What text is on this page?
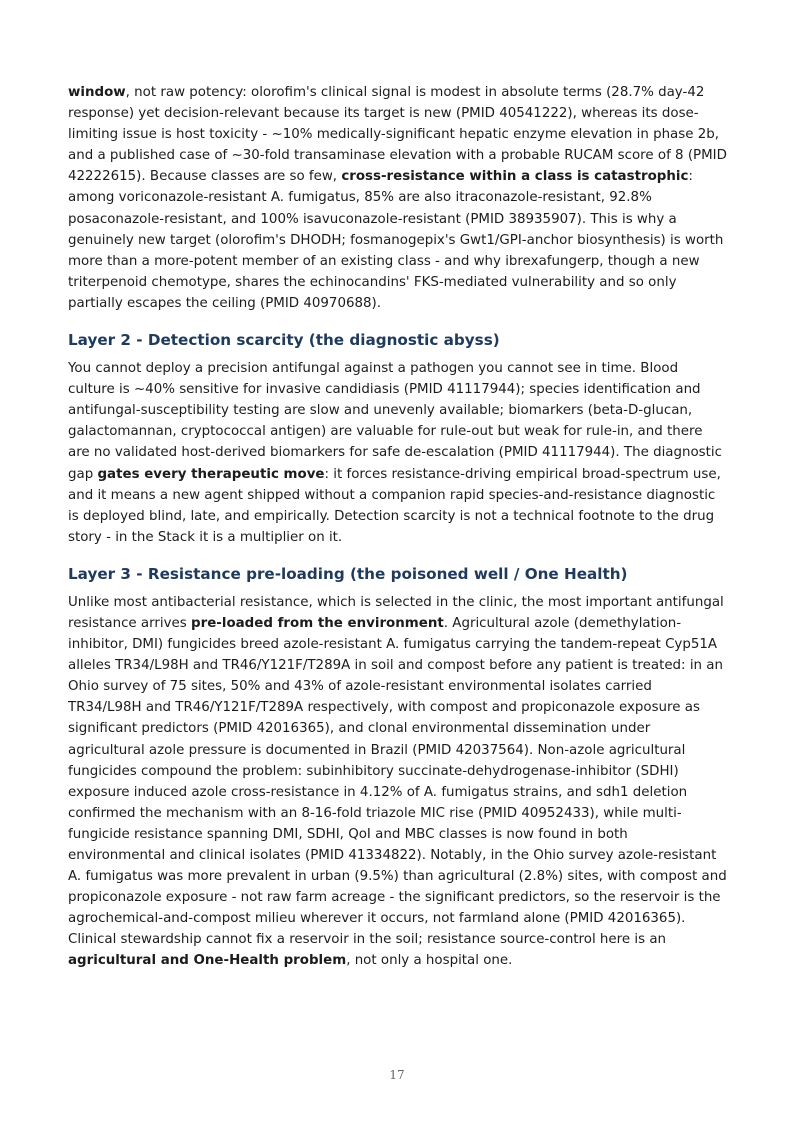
window, not raw potency: olorofim's clinical signal is modest in absolute terms (28.7% day-42 response) yet decision-relevant because its target is new (PMID 40541222), whereas its dose-limiting issue is host toxicity - ~10% medically-significant hepatic enzyme elevation in phase 2b, and a published case of ~30-fold transaminase elevation with a probable RUCAM score of 8 (PMID 42222615). Because classes are so few, cross-resistance within a class is catastrophic: among voriconazole-resistant A. fumigatus, 85% are also itraconazole-resistant, 92.8% posaconazole-resistant, and 100% isavuconazole-resistant (PMID 38935907). This is why a genuinely new target (olorofim's DHODH; fosmanogepix's Gwt1/GPI-anchor biosynthesis) is worth more than a more-potent member of an existing class - and why ibrexafungerp, though a new triterpenoid chemotype, shares the echinocandins' FKS-mediated vulnerability and so only partially escapes the ceiling (PMID 40970688).

Layer 2 - Detection scarcity (the diagnostic abyss)

You cannot deploy a precision antifungal against a pathogen you cannot see in time. Blood culture is ~40% sensitive for invasive candidiasis (PMID 41117944); species identification and antifungal-susceptibility testing are slow and unevenly available; biomarkers (beta-D-glucan, galactomannan, cryptococcal antigen) are valuable for rule-out but weak for rule-in, and there are no validated host-derived biomarkers for safe de-escalation (PMID 41117944). The diagnostic gap gates every therapeutic move: it forces resistance-driving empirical broad-spectrum use, and it means a new agent shipped without a companion rapid species-and-resistance diagnostic is deployed blind, late, and empirically. Detection scarcity is not a technical footnote to the drug story - in the Stack it is a multiplier on it.

Layer 3 - Resistance pre-loading (the poisoned well / One Health)

Unlike most antibacterial resistance, which is selected in the clinic, the most important antifungal resistance arrives pre-loaded from the environment. Agricultural azole (demethylation-inhibitor, DMI) fungicides breed azole-resistant A. fumigatus carrying the tandem-repeat Cyp51A alleles TR34/L98H and TR46/Y121F/T289A in soil and compost before any patient is treated: in an Ohio survey of 75 sites, 50% and 43% of azole-resistant environmental isolates carried TR34/L98H and TR46/Y121F/T289A respectively, with compost and propiconazole exposure as significant predictors (PMID 42016365), and clonal environmental dissemination under agricultural azole pressure is documented in Brazil (PMID 42037564). Non-azole agricultural fungicides compound the problem: subinhibitory succinate-dehydrogenase-inhibitor (SDHI) exposure induced azole cross-resistance in 4.12% of A. fumigatus strains, and sdh1 deletion confirmed the mechanism with an 8-16-fold triazole MIC rise (PMID 40952433), while multi-fungicide resistance spanning DMI, SDHI, QoI and MBC classes is now found in both environmental and clinical isolates (PMID 41334822). Notably, in the Ohio survey azole-resistant A. fumigatus was more prevalent in urban (9.5%) than agricultural (2.8%) sites, with compost and propiconazole exposure - not raw farm acreage - the significant predictors, so the reservoir is the agrochemical-and-compost milieu wherever it occurs, not farmland alone (PMID 42016365). Clinical stewardship cannot fix a reservoir in the soil; resistance source-control here is an agricultural and One-Health problem, not only a hospital one.

17
